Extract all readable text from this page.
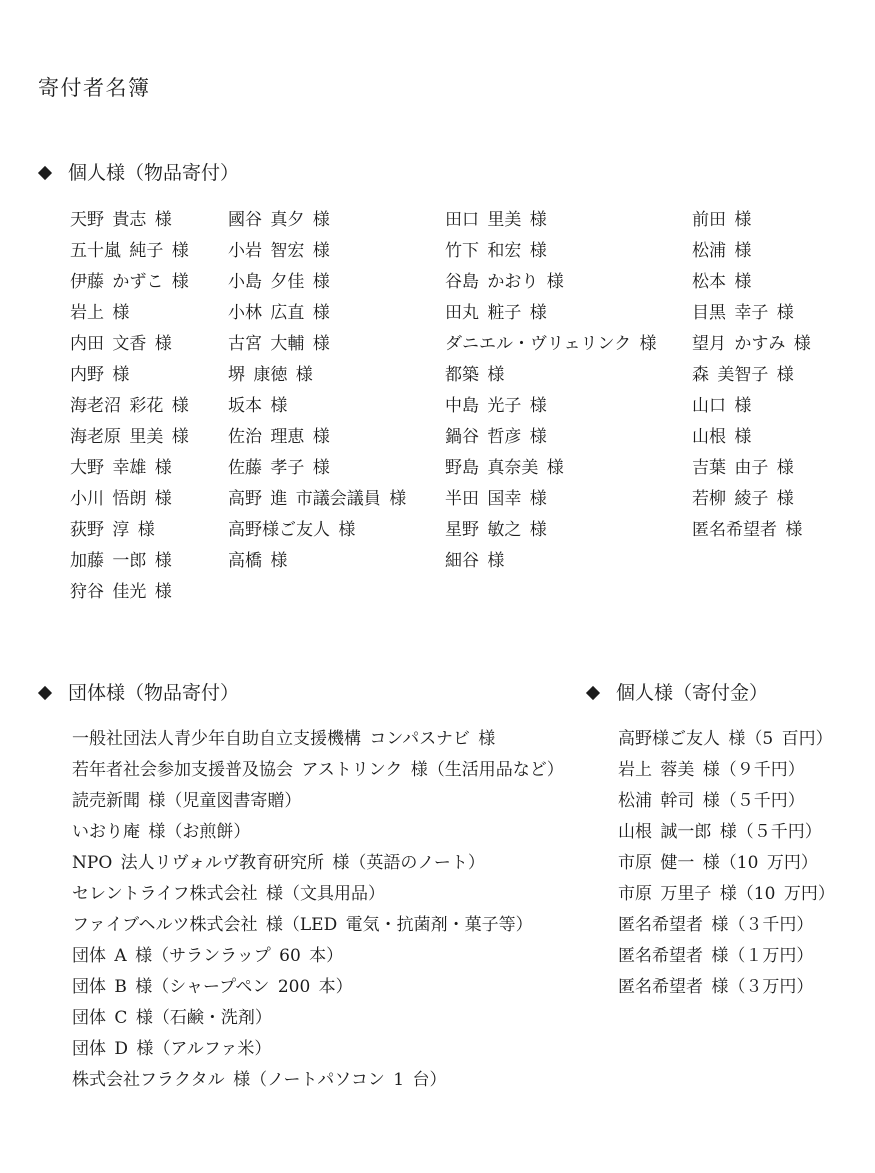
寄付者名簿
個人様（物品寄付）
天野 貴志 様
五十嵐 純子 様
伊藤 かずこ 様
岩上 様
内田 文香 様
内野 様
海老沼 彩花 様
海老原 里美 様
大野 幸雄 様
小川 悟朗 様
荻野 淳 様
加藤 一郎 様
狩谷 佳光 様
國谷 真夕 様
小岩 智宏 様
小島 夕佳 様
小林 広直 様
古宮 大輔 様
堺 康徳 様
坂本 様
佐治 理恵 様
佐藤 孝子 様
高野 進 市議会議員 様
高野様ご友人 様
高橋 様
田口 里美 様
竹下 和宏 様
谷島 かおり 様
田丸 粧子 様
ダニエル・ヴリェリンク 様
都築 様
中島 光子 様
鍋谷 哲彦 様
野島 真奈美 様
半田 国幸 様
星野 敏之 様
細谷 様
前田 様
松浦 様
松本 様
目黒 幸子 様
望月 かすみ 様
森 美智子 様
山口 様
山根 様
吉葉 由子 様
若柳 綾子 様
匿名希望者 様
団体様（物品寄付）
一般社団法人青少年自助自立支援機構 コンパスナビ 様
若年者社会参加支援普及協会 アストリンク 様（生活用品など）
読売新聞 様（児童図書寄贈）
いおり庵 様（お煎餅）
NPO 法人リヴォルヴ教育研究所 様（英語のノート）
セレントライフ株式会社 様（文具用品）
ファイブヘルツ株式会社 様（LED 電気・抗菌剤・菓子等）
団体 A 様（サランラップ 60 本）
団体 B 様（シャープペン 200 本）
団体 C 様（石鹸・洗剤）
団体 D 様（アルファ米）
株式会社フラクタル 様（ノートパソコン 1 台）
個人様（寄付金）
高野様ご友人 様（5 百円）
岩上 蓉美 様（９千円）
松浦 幹司 様（５千円）
山根 誠一郎 様（５千円）
市原 健一 様（10 万円）
市原 万里子 様（10 万円）
匿名希望者 様（３千円）
匿名希望者 様（１万円）
匿名希望者 様（３万円）
